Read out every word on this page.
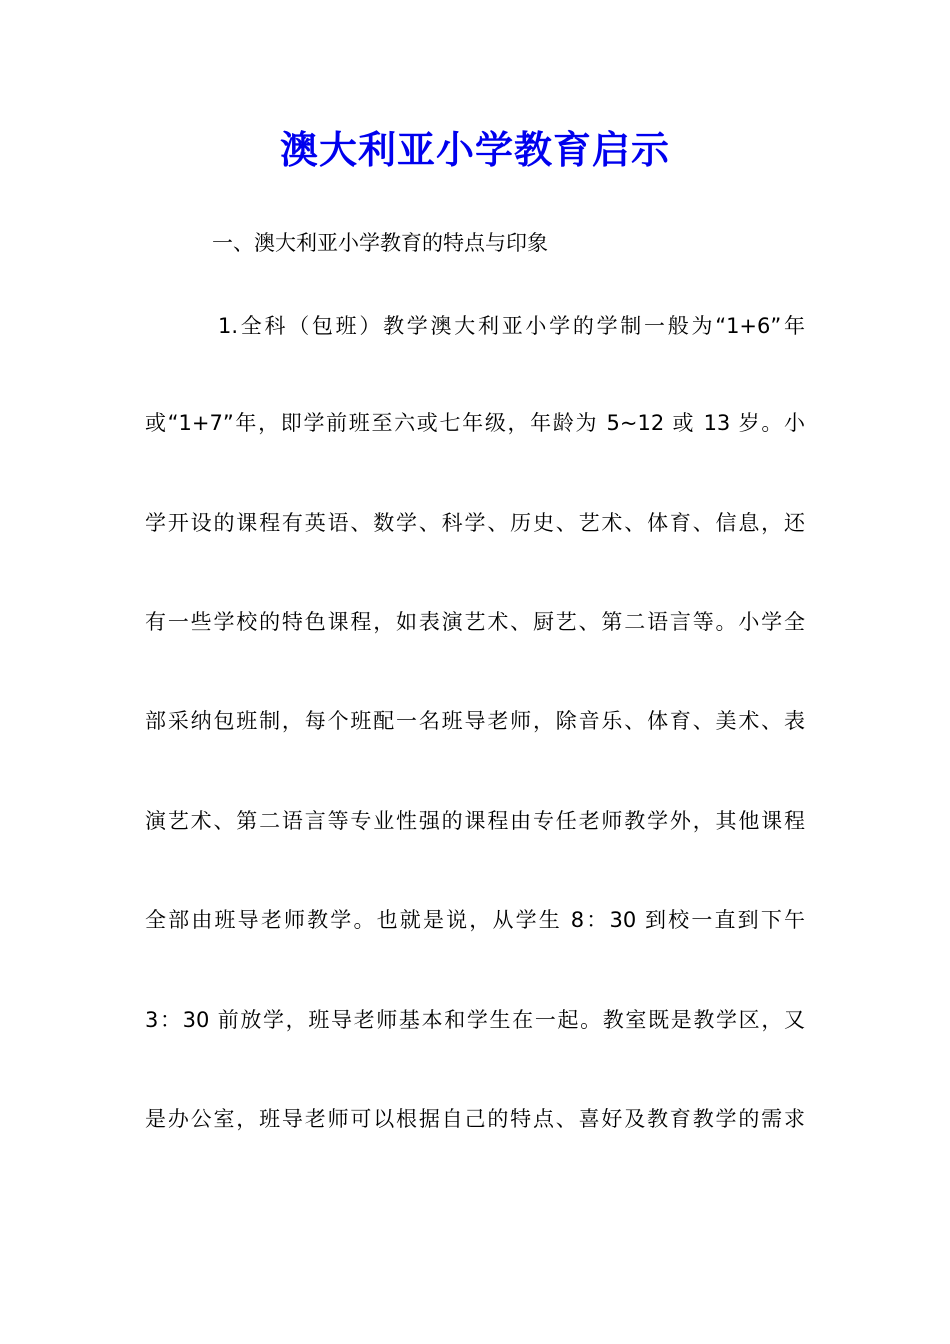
澳大利亚小学教育启示

一、澳大利亚小学教育的特点与印象

1.全科（包班）教学澳大利亚小学的学制一般为“1+6”年

或“1+7”年，即学前班至六或七年级，年龄为 5~12 或 13 岁。小

学开设的课程有英语、数学、科学、历史、艺术、体育、信息，还

有一些学校的特色课程，如表演艺术、厨艺、第二语言等。小学全

部采纳包班制，每个班配一名班导老师，除音乐、体育、美术、表

演艺术、第二语言等专业性强的课程由专任老师教学外，其他课程

全部由班导老师教学。也就是说，从学生 8：30 到校一直到下午

3：30 前放学，班导老师基本和学生在一起。教室既是教学区，又

是办公室，班导老师可以根据自己的特点、喜好及教育教学的需求
